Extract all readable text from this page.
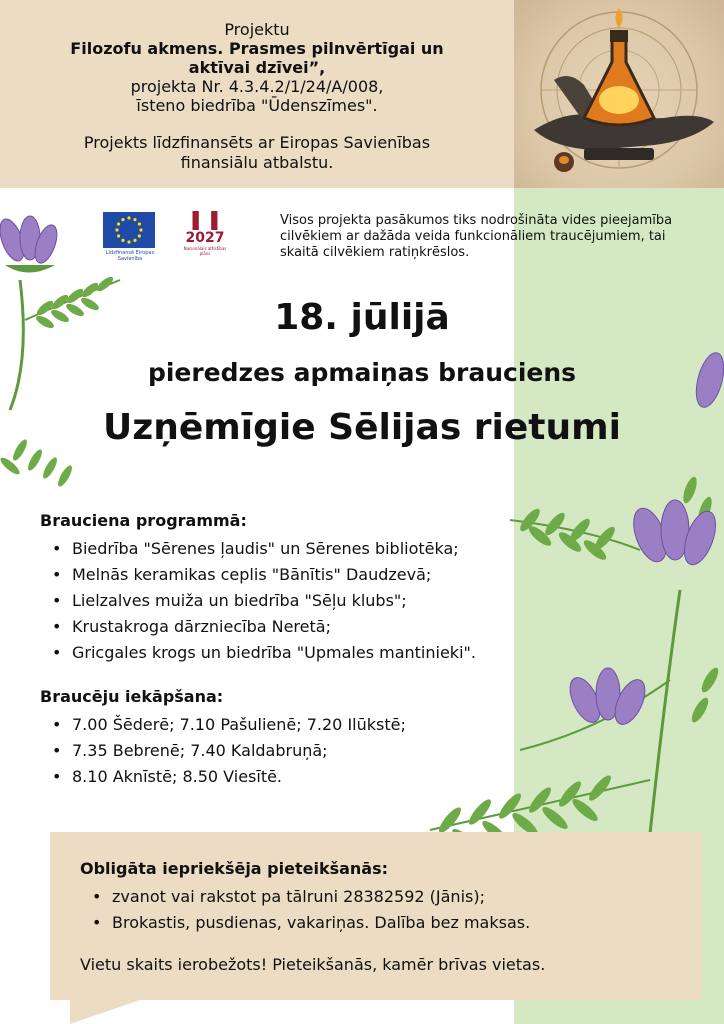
Projektu
Filozofu akmens. Prasmes pilnvērtīgai un aktīvai dzīvei”,
projekta Nr. 4.3.4.2/1/24/A/008,
īsteno biedrība "Ūdenszīmes".
Projekts līdzfinansēts ar Eiropas Savienības finansiālu atbalstu.
Līdzfinansē Eiropas Savienība
▌▐
2027
Nacionālais attīstības plāns
Visos projekta pasākumos tiks nodrošināta vides pieejamība cilvēkiem ar dažāda veida funkcionāliem traucējumiem, tai skaitā cilvēkiem ratiņkrēslos.
18. jūlijā
pieredzes apmaiņas brauciens
Uzņēmīgie Sēlijas rietumi
Brauciena programmā:
• Biedrība "Sērenes ļaudis" un Sērenes bibliotēka;
• Melnās keramikas ceplis "Bānītis" Daudzevā;
• Lielzalves muiža un biedrība "Sēļu klubs";
• Krustakroga dārzniecība Neretā;
• Gricgales krogs un biedrība "Upmales mantinieki".
Braucēju iekāpšana:
• 7.00 Šēderē; 7.10 Pašulienē; 7.20 Ilūkstē;
• 7.35 Bebrenē; 7.40 Kaldabruņā;
• 8.10 Aknīstē; 8.50 Viesītē.
Obligāta iepriekšēja pieteikšanās:
• zvanot vai rakstot pa tālruni 28382592 (Jānis);
• Brokastis, pusdienas, vakariņas. Dalība bez maksas.
Vietu skaits ierobežots! Pieteikšanās, kamēr brīvas vietas.
